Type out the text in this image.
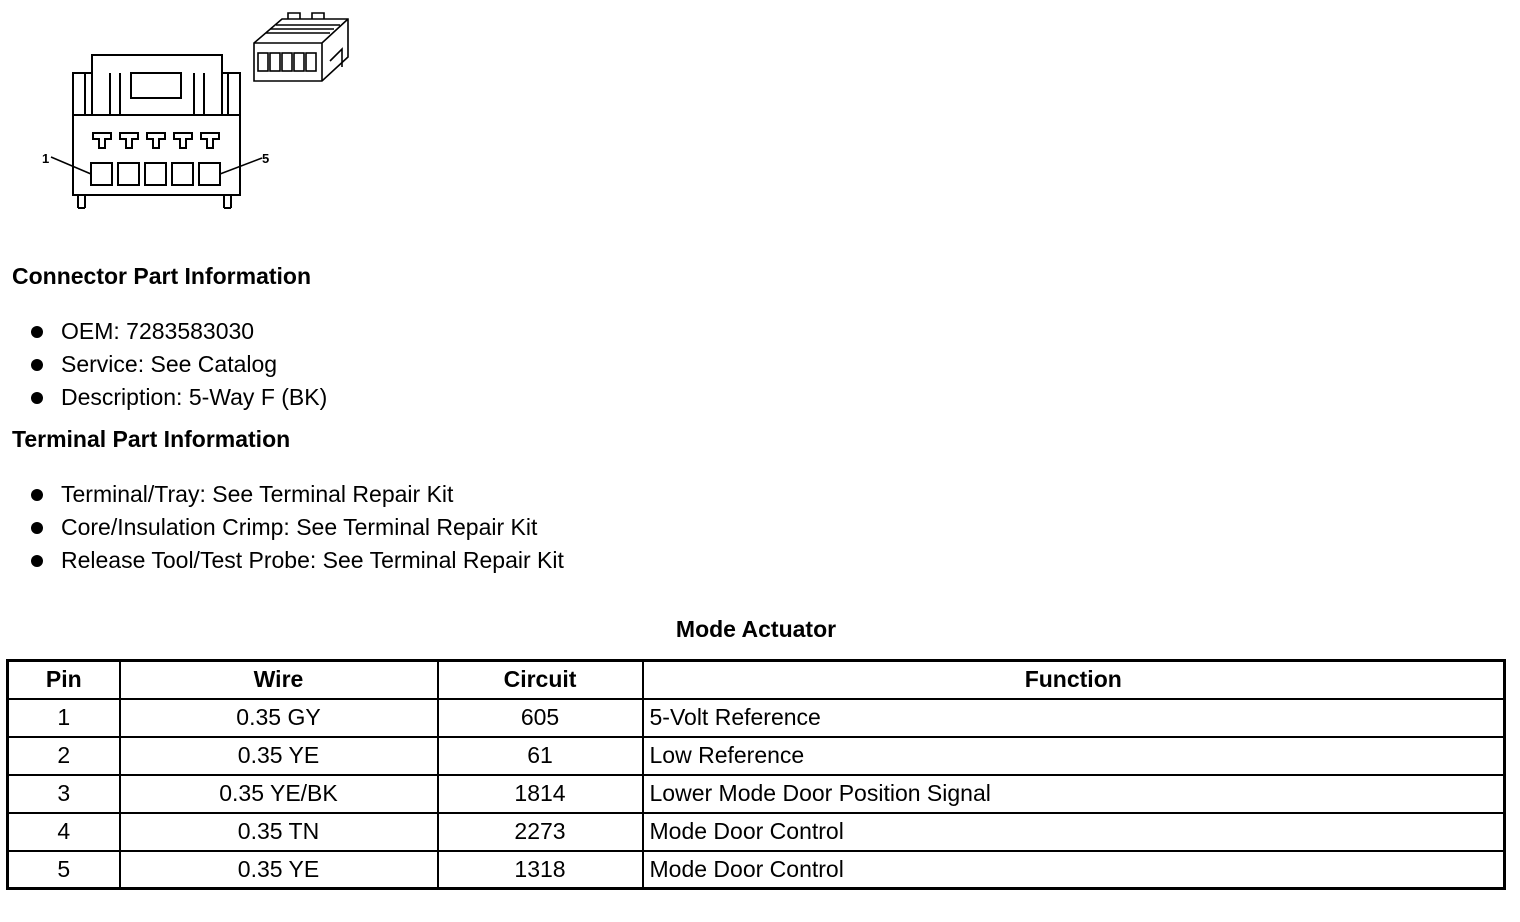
1	5
Connector Part Information
OEM: 7283583030
Service: See Catalog
Description: 5-Way F (BK)
Terminal Part Information
Terminal/Tray: See Terminal Repair Kit
Core/Insulation Crimp: See Terminal Repair Kit
Release Tool/Test Probe: See Terminal Repair Kit
Mode Actuator
Pin	Wire	Circuit	Function
1	0.35 GY	605	5-Volt Reference
2	0.35 YE	61	Low Reference
3	0.35 YE/BK	1814	Lower Mode Door Position Signal
4	0.35 TN	2273	Mode Door Control
5	0.35 YE	1318	Mode Door Control
